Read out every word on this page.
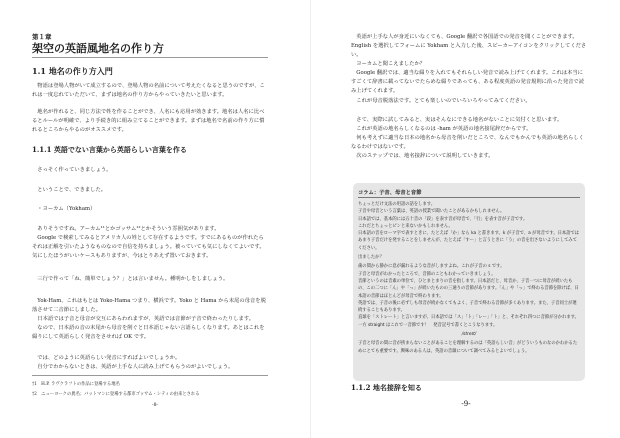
第１章
架空の英語風地名の作り方
1.1 地名の作り方入門

物語は登場人物がいて成立するので、登場人物の名前について考えたくなると思うのですが、これは一度忘れていただいて、まずは地名の作り方からやっていきたいと思います。

地名が作れると、同じ方法で姓を作ることができ、人名にも応用が効きます。地名は人名に比べるとルールが明確で、より手続き的に組み立てることができます。まずは地名で名前の作り方に慣れるところからやるのがオススメです。

1.1.1 英語でない言葉から英語らしい言葉を作る

さっそく作っていきましょう。

ということで、できました。

・ヨーカム（Yokham）

ありそうですね。アーカム¹¹とかゴッサム¹²とかそういう雰囲気があります。

Google で検索してみるとアメリカ人の姓として存在するようです。すでにあるものが作れたらそれは正解を引いたようなものなので自信を持ちましょう。被っていても気にしなくてよいです。気にしたほうがいいケースもありますが、今はとりあえず置いておきます。

三行で作って「ね、簡単でしょう？」とは言いません。種明かしをしましょう。

Yok-Ham、これはもとは Yoko-Hama つまり、横浜です。Yoko と Hama から末尾の母音を脱落させて二音節にしました。

日本語では子音と母音が交互にあらわれますが、英語では音節が子音で終わったりします。

なので、日本語の音の末尾から母音を削ぐと日本語じゃない言語らしくなります。あとはこれを綴りにして英語らしく発音をさせれば OK です。

では、どのように英語らしい発音にすればよいでしょうか。

自分でわからないときは、英語が上手な人に読み上げてもらうのがよいでしょう。

†1　H.P. ラヴクラフトの作品に登場する地名

†2　ニューヨークの異名；バットマンに登場する都市ゴッサム・シティの由来とされる

-8-

英語が上手な人が身近にいなくても、Google 翻訳で各国語での発音を聞くことができます。English を選択してフォームに Yokham と入力した後、スピーカーアイコンをクリックしてください。

ヨーカムと聞こえましたか？

Google 翻訳では、適当な綴りを入れてもそれらしい発音で読み上げてくれます。これは本当にすごくて辞書に載ってないでたらめな綴りであっても、ある程度英語の発音規則に沿った発音で読み上げてくれます。

これが母音脱落法です。とても楽しいのでいろいろやってみてください。

さて、実際に試してみると、実はそんなにできる地名がないことに気付くと思います。

これが英語の地名らしくなるのは -ham が英語の地名接尾辞だからです。

何も考えずに適当な日本の地名から母音を削いだところで、なんでもかんでも英語の地名らしくなるわけではないです。

次のステップでは、地名接辞について説明していきます。

コラム：子音、母音と音節

ちょっとだけ文法の用語の話をします。
子音や母音という言葉は、英語の授業で聞いたことがあるかもしれません。
日本語では、基本的には五十音の「段」を表す音が母音で、「行」を表す音が子音です。
これだとちょっとピンと来ないかもしれません。
日本語の音をローマ字で表すときに、たとえば「か」なら ka と書きます。k が子音で、a が母音です。日本語ではあまり子音だけを発することをしませんが、たとえば「すー」と言うときに「う」の音を出さないようにしてみてください。

出ましたか？

歯の間から静かに息が漏れるような音がしますよね。これが子音の s です。
子音と母音がわかったところで、音節のこともわかっていきましょう。
音節というのは音素の単位で、ひとまとまりの音を指します。日本語だと、母音か、子音一つに母音が続いたもの、この二つに「ん」や「っ」が続いたものの三通りの音節があります。「ん」や「っ」で終わる音節を除けば、日本語の音節はほとんどが母音で終わります。
英語では、子音の後に必ずしも母音が続かなくてもよく、子音で終わる音節が多くあります。また、子音同士が連続することもあります。
直球を「ストレート」と言いますが、日本語では「ス」「ト」「レー」「ト」と、それぞれ四つに音節が分かれます。一方 straight はこれで一音節です！　発音記号で書くとこうなります。

/streɪt/

子音と母音の間に音が挟まらないことがあることを理解するのは「英語らしい音」がどういうものなのかわかるためにとても重要です。興味のある人は、英語の音韻について調べてみるとよいでしょう。

1.1.2 地名接辞を知る

-9-
